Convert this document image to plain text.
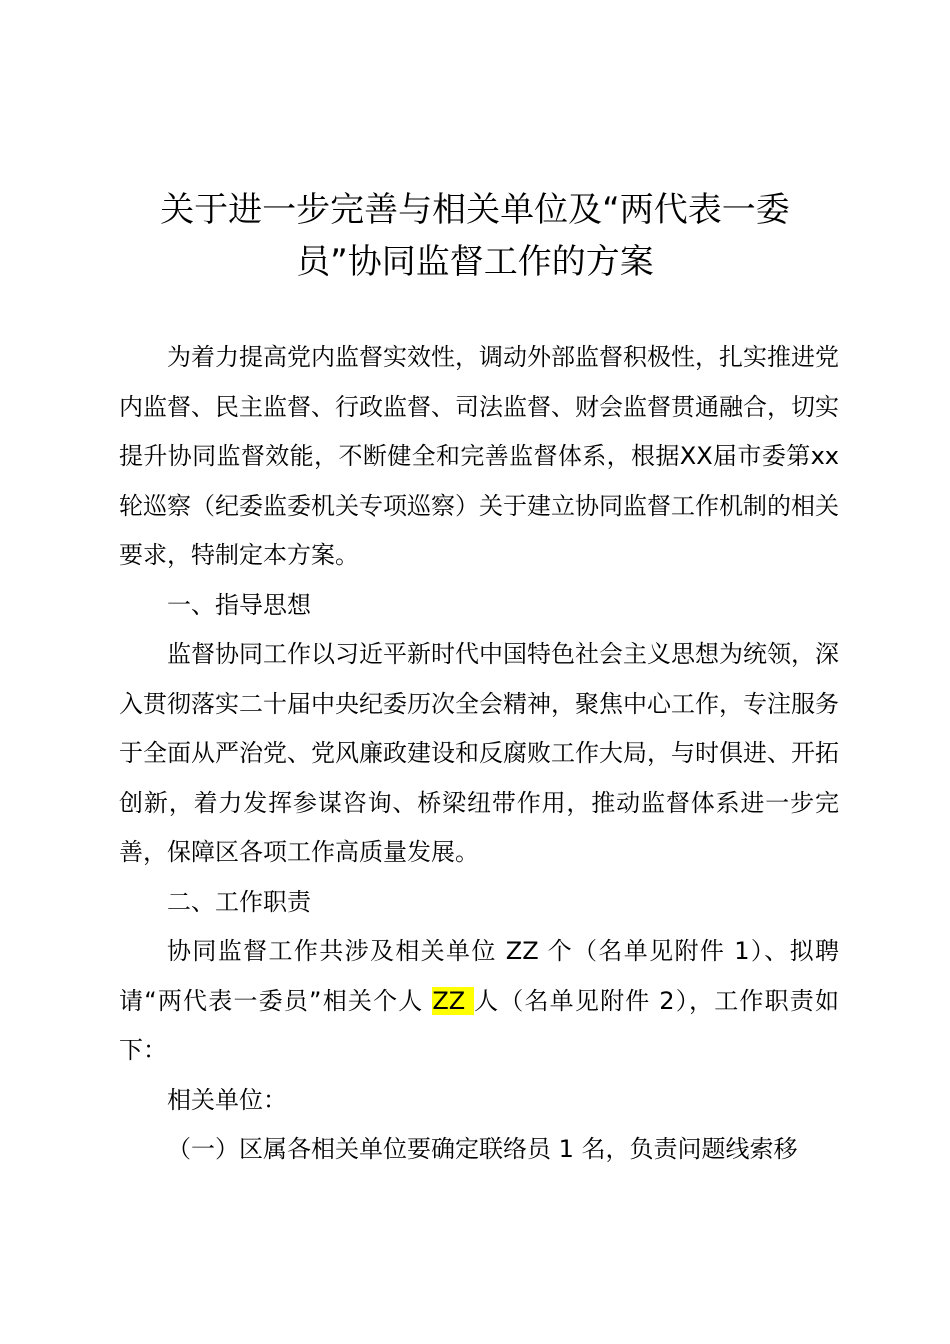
关于进一步完善与相关单位及“两代表一委
员”协同监督工作的方案

为着力提高党内监督实效性，调动外部监督积极性，扎实推进党内监督、民主监督、行政监督、司法监督、财会监督贯通融合，切实提升协同监督效能，不断健全和完善监督体系，根据XX届市委第xx轮巡察（纪委监委机关专项巡察）关于建立协同监督工作机制的相关要求，特制定本方案。

一、指导思想

监督协同工作以习近平新时代中国特色社会主义思想为统领，深入贯彻落实二十届中央纪委历次全会精神，聚焦中心工作，专注服务于全面从严治党、党风廉政建设和反腐败工作大局，与时俱进、开拓创新，着力发挥参谋咨询、桥梁纽带作用，推动监督体系进一步完善，保障区各项工作高质量发展。

二、工作职责

协同监督工作共涉及相关单位 ZZ 个（名单见附件 1）、拟聘请“两代表一委员”相关个人 ZZ 人（名单见附件 2），工作职责如下：

相关单位：

（一）区属各相关单位要确定联络员 1 名，负责问题线索移
